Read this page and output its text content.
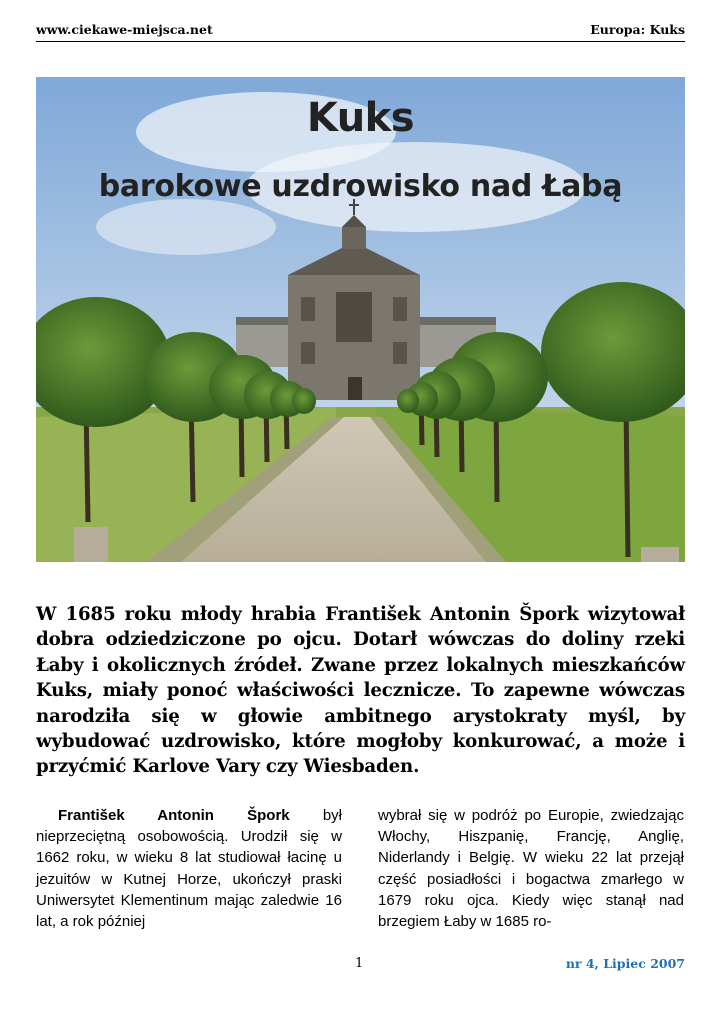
www.ciekawe-miejsca.net	Europa: Kuks
Kuks
barokowe uzdrowisko nad Łabą

W 1685 roku młody hrabia František Antonin Špork wizytował dobra odziedziczone po ojcu. Dotarł wówczas do doliny rzeki Łaby i okolicznych źródeł. Zwane przez lokalnych mieszkańców Kuks, miały ponoć właściwości lecznicze. To zapewne wówczas narodziła się w głowie ambitnego arystokraty myśl, by wybudować uzdrowisko, które mogłoby konkurować, a może i przyćmić Karlove Vary czy Wiesbaden.

František Antonin Špork był nieprzeciętną osobowością. Urodził się w 1662 roku, w wieku 8 lat studiował łacinę u jezuitów w Kutnej Horze, ukończył praski Uniwersytet Klementinum mając zaledwie 16 lat, a rok później

wybrał się w podróż po Europie, zwiedzając Włochy, Hiszpanię, Francję, Anglię, Niderlandy i Belgię. W wieku 22 lat przejął część posiadłości i bogactwa zmarłego w 1679 roku ojca. Kiedy więc stanął nad brzegiem Łaby w 1685 ro-

1	nr 4, Lipiec 2007
